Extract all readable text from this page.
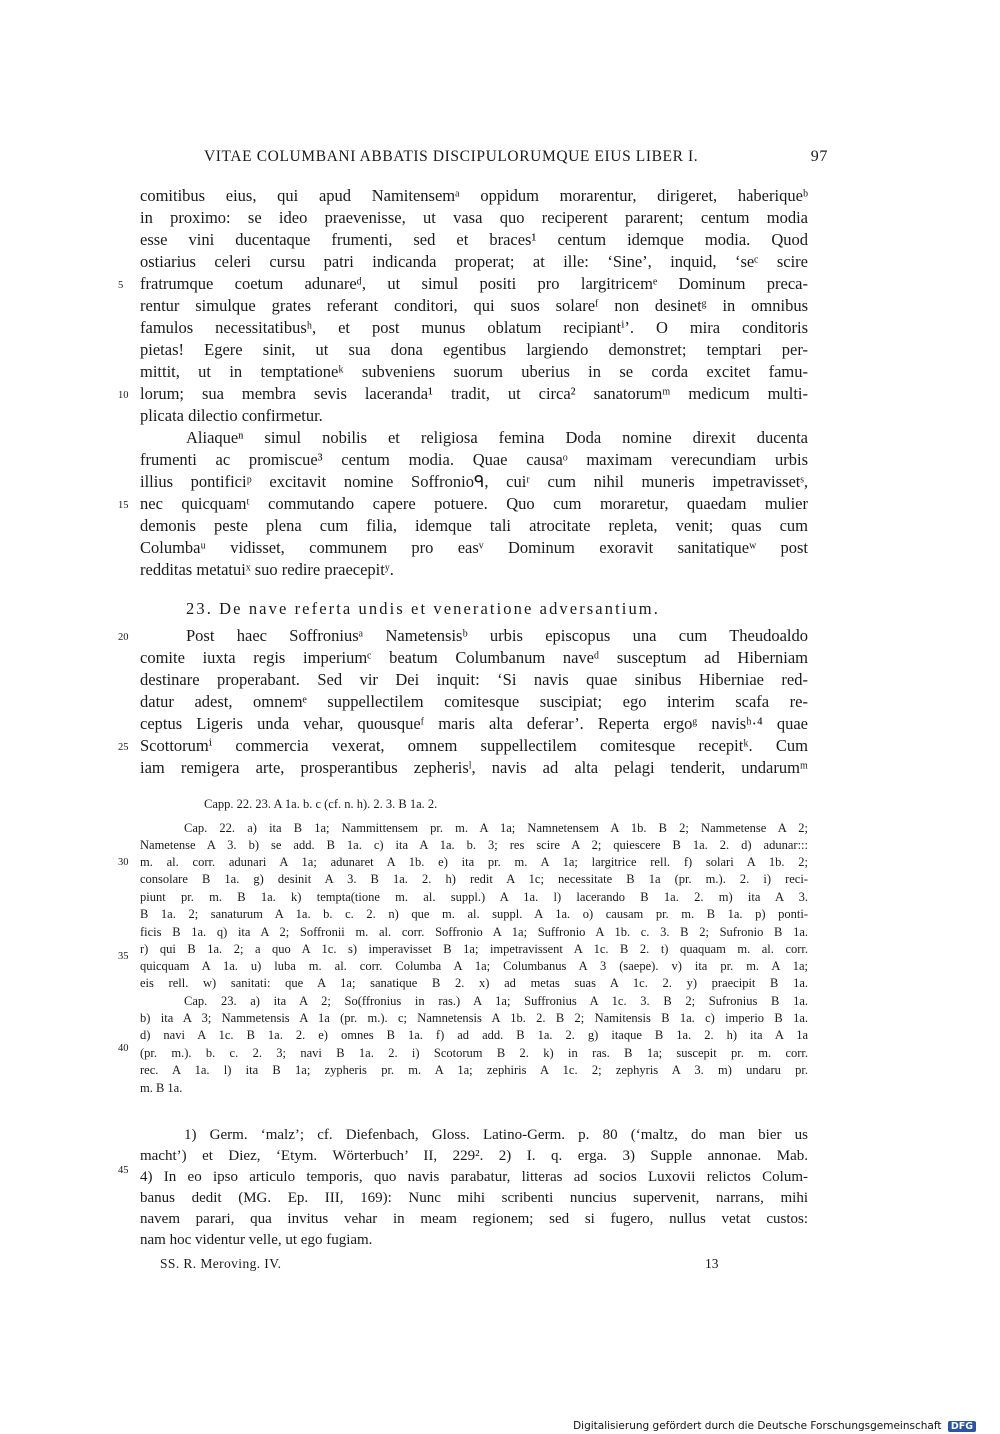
VITAE COLUMBANI ABBATIS DISCIPULORUMQUE EIUS LIBER I.	97
comitibus eius, qui apud Namitensemᵃ oppidum morarentur, dirigeret, haberiqueᵇ
in proximo: se ideo praevenisse, ut vasa quo reciperent pararent; centum modia
esse vini ducentaque frumenti, sed et braces¹ centum idemque modia. Quod
ostiarius celeri cursu patri indicanda properat; at ille: ‘Sine’, inquid, ‘seᶜ scire
fratrumque coetum adunareᵈ, ut simul positi pro largitricemᵉ Dominum preca-
rentur simulque grates referant conditori, qui suos solareᶠ non desinetᵍ in omnibus
famulos necessitatibusʰ, et post munus oblatum recipiantⁱ’. O mira conditoris
pietas! Egere sinit, ut sua dona egentibus largiendo demonstret; temptari per-
mittit, ut in temptationeᵏ subveniens suorum uberius in se corda excitet famu-
lorum; sua membra sevis laceranda¹ tradit, ut circa² sanatorumᵐ medicum multi-
plicata dilectio confirmetur.
Aliaqueⁿ simul nobilis et religiosa femina Doda nomine direxit ducenta
frumenti ac promiscue³ centum modia. Quae causaᵒ maximam verecundiam urbis
illius pontificiᵖ excitavit nomine Soffronioᑫ, cuiʳ cum nihil muneris impetravissetˢ,
nec quicquamᵗ commutando capere potuere. Quo cum moraretur, quaedam mulier
demonis peste plena cum filia, idemque tali atrocitate repleta, venit; quas cum
Columbaᵘ vidisset, communem pro easᵛ Dominum exoravit sanitatiqueʷ post
redditas metatuiˣ suo redire praecepitʸ.
23. De nave referta undis et veneratione adversantium.
Post haec Soffroniusᵃ Nametensisᵇ urbis episcopus una cum Theudoaldo
comite iuxta regis imperiumᶜ beatum Columbanum naveᵈ susceptum ad Hiberniam
destinare properabant. Sed vir Dei inquit: ‘Si navis quae sinibus Hiberniae red-
datur adest, omnemᵉ suppellectilem comitesque suscipiat; ego interim scafa re-
ceptus Ligeris unda vehar, quousqueᶠ maris alta deferar’. Reperta ergoᵍ navisʰ·⁴ quae
Scottorumⁱ commercia vexerat, omnem suppellectilem comitesque recepitᵏ. Cum
iam remigera arte, prosperantibus zepherisˡ, navis ad alta pelagi tenderit, undarumᵐ
5
10
15
20
25
30
35
40
45
Capp. 22. 23. A 1a. b. c (cf. n. h). 2. 3. B 1a. 2.
Cap. 22. a) ita B 1a; Nammittensem pr. m. A 1a; Namnetensem A 1b. B 2; Nammetense A 2;
Nametense A 3. b) se add. B 1a. c) ita A 1a. b. 3; res scire A 2; quiescere B 1a. 2. d) adunar:::
m. al. corr. adunari A 1a; adunaret A 1b. e) ita pr. m. A 1a; largitrice rell. f) solari A 1b. 2;
consolare B 1a. g) desinit A 3. B 1a. 2. h) redit A 1c; necessitate B 1a (pr. m.). 2. i) reci-
piunt pr. m. B 1a. k) tempta(tione m. al. suppl.) A 1a. l) lacerando B 1a. 2. m) ita A 3.
B 1a. 2; sanaturum A 1a. b. c. 2. n) que m. al. suppl. A 1a. o) causam pr. m. B 1a. p) ponti-
ficis B 1a. q) ita A 2; Soffronii m. al. corr. Soffronio A 1a; Suffronio A 1b. c. 3. B 2; Sufronio B 1a.
r) qui B 1a. 2; a quo A 1c. s) imperavisset B 1a; impetravissent A 1c. B 2. t) quaquam m. al. corr.
quicquam A 1a. u) luba m. al. corr. Columba A 1a; Columbanus A 3 (saepe). v) ita pr. m. A 1a;
eis rell. w) sanitati: que A 1a; sanatique B 2. x) ad metas suas A 1c. 2. y) praecipit B 1a.
Cap. 23. a) ita A 2; So(ffronius in ras.) A 1a; Suffronius A 1c. 3. B 2; Sufronius B 1a.
b) ita A 3; Nammetensis A 1a (pr. m.). c; Namnetensis A 1b. 2. B 2; Namitensis B 1a. c) imperio B 1a.
d) navi A 1c. B 1a. 2. e) omnes B 1a. f) ad add. B 1a. 2. g) itaque B 1a. 2. h) ita A 1a
(pr. m.). b. c. 2. 3; navi B 1a. 2. i) Scotorum B 2. k) in ras. B 1a; suscepit pr. m. corr.
rec. A 1a. l) ita B 1a; zypheris pr. m. A 1a; zephiris A 1c. 2; zephyris A 3. m) undaru pr.
m. B 1a.
1) Germ. ‘malz’; cf. Diefenbach, Gloss. Latino-Germ. p. 80 (‘maltz, do man bier us
macht’) et Diez, ‘Etym. Wörterbuch’ II, 229². 2) I. q. erga. 3) Supple annonae. Mab.
4) In eo ipso articulo temporis, quo navis parabatur, litteras ad socios Luxovii relictos Colum-
banus dedit (MG. Ep. III, 169): Nunc mihi scribenti nuncius supervenit, narrans, mihi
navem parari, qua invitus vehar in meam regionem; sed si fugero, nullus vetat custos:
nam hoc videntur velle, ut ego fugiam.
SS. R. Meroving. IV.	13
Digitalisierung gefördert durch die Deutsche Forschungsgemeinschaft DFG
